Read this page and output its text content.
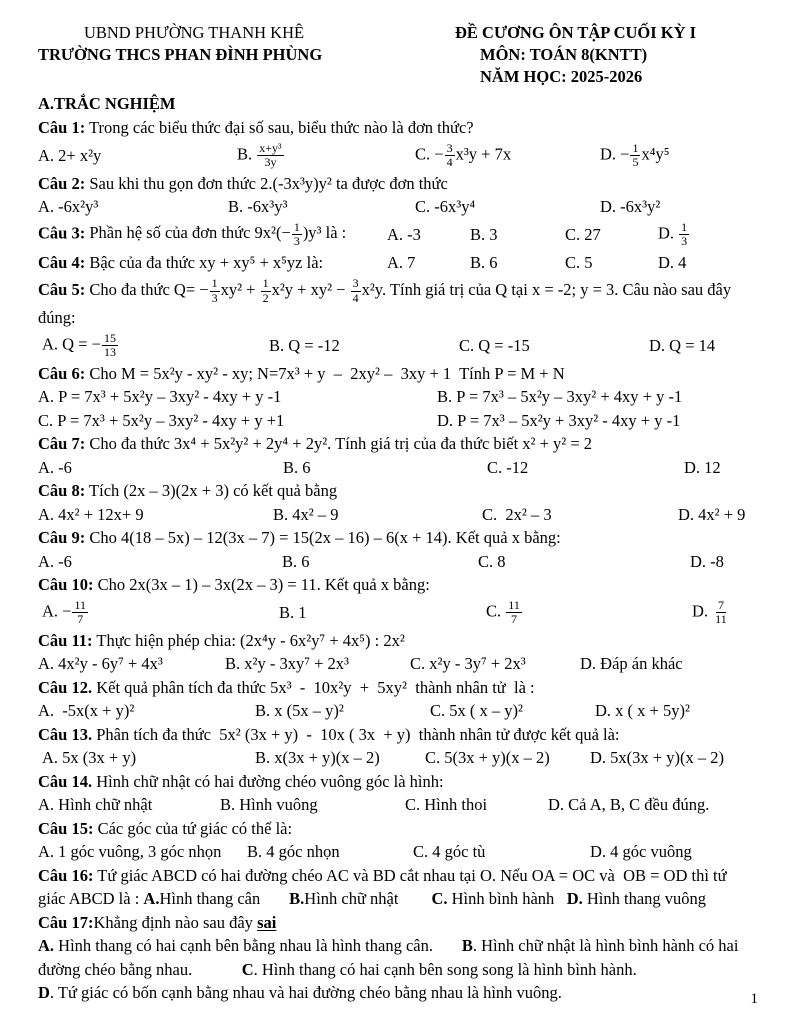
UBND PHƯỜNG THANH KHÊ
TRƯỜNG THCS PHAN ĐÌNH PHÙNG
ĐỀ CƯƠNG ÔN TẬP CUỐI KỲ I
MÔN: TOÁN 8(KNTT)
NĂM HỌC: 2025-2026
A.TRẮC NGHIỆM
Câu 1: Trong các biểu thức đại số sau, biểu thức nào là đơn thức?
A. 2+ x²y	B. $\frac{\text{x+y³}}{3y}$	C. − $\frac{3}{4} x^3y + 7x$	D. − $\frac{1}{5} x^4y^5$
Câu 2: Sau khi thu gọn đơn thức 2.(-3x³y)y² ta được đơn thức
A. -6x²y³	B. -6x³y³	C. -6x³y⁴	D. -6x³y²
Câu 3: Phần hệ số của đơn thức $9x^2(- \frac{1}{3} )y^3$ là :	A. -3	B. 3	C. 27	D. $\frac{1}{3}$
Câu 4: Bậc của đa thức xy + xy⁵ + x⁵yz là:	A. 7	B. 6	C. 5	D. 4
Câu 5: Cho đa thức $Q= - \frac{1}{3} xy^2 + \frac{1}{2} x^2y + xy^2 - \frac{3}{4} x^2y$. Tính giá trị của Q tại x = -2; y = 3. Câu nào sau đây
đúng:
A. Q = − $\frac{15}{13}$	B. Q = -12	C. Q = -15	D. Q = 14
Câu 6: Cho M = 5x²y - xy² - xy; N=7x³ + y  –  2xy² –  3xy + 1  Tính P = M + N
A. P = 7x³ + 5x²y – 3xy² - 4xy + y -1	B. P = 7x³ – 5x²y – 3xy² + 4xy + y -1
C. P = 7x³ + 5x²y – 3xy² - 4xy + y +1	D. P = 7x³ – 5x²y + 3xy² - 4xy + y -1
Câu 7: Cho đa thức 3x⁴ + 5x²y² + 2y⁴ + 2y². Tính giá trị của đa thức biết x² + y² = 2
A. -6	B. 6	C. -12	D. 12
Câu 8: Tích (2x – 3)(2x + 3) có kết quả bằng
A. 4x² + 12x+ 9	B. 4x² – 9	C.  2x² – 3	D. 4x² + 9
Câu 9: Cho 4(18 – 5x) – 12(3x – 7) = 15(2x – 16) – 6(x + 14). Kết quả x bằng:
A. -6	B. 6	C. 8	D. -8
Câu 10: Cho 2x(3x – 1) – 3x(2x – 3) = 11. Kết quả x bằng:
A. − $\frac{11}{7}$	B. 1	C. $\frac{11}{7}$	D. $\frac{7}{11}$
Câu 11: Thực hiện phép chia: (2x⁴y - 6x²y⁷ + 4x⁵) : 2x²
A. 4x²y - 6y⁷ + 4x³	B. x²y - 3xy⁷ + 2x³	C. x²y - 3y⁷ + 2x³	D. Đáp án khác
Câu 12. Kết quả phân tích đa thức 5x³  -  10x²y  +  5xy²  thành nhân tử  là :
A.  -5x(x + y)²	B. x (5x – y)²	C. 5x ( x – y)²	D. x ( x + 5y)²
Câu 13. Phân tích đa thức  5x² (3x + y)  -  10x ( 3x  + y)  thành nhân tử được kết quả là:
A. 5x (3x + y)	B. x(3x + y)(x – 2)	C. 5(3x + y)(x – 2)	D. 5x(3x + y)(x – 2)
Câu 14. Hình chữ nhật có hai đường chéo vuông góc là hình:
A. Hình chữ nhật	B. Hình vuông	C. Hình thoi	D. Cả A, B, C đều đúng.
Câu 15: Các góc của tứ giác có thể là:
A. 1 góc vuông, 3 góc nhọn	B. 4 góc nhọn	C. 4 góc tù	D. 4 góc vuông
Câu 16: Tứ giác ABCD có hai đường chéo AC và BD cắt nhau tại O. Nếu OA = OC và  OB = OD thì tứ giác ABCD là : A.Hình thang cân       B.Hình chữ nhật        C. Hình bình hành   D. Hình thang vuông
Câu 17:Khẳng định nào sau đây sai
A. Hình thang có hai cạnh bên bằng nhau là hình thang cân.       B. Hình chữ nhật là hình bình hành có hai đường chéo bằng nhau.            C. Hình thang có hai cạnh bên song song là hình bình hành.
D. Tứ giác có bốn cạnh bằng nhau và hai đường chéo bằng nhau là hình vuông.	1
